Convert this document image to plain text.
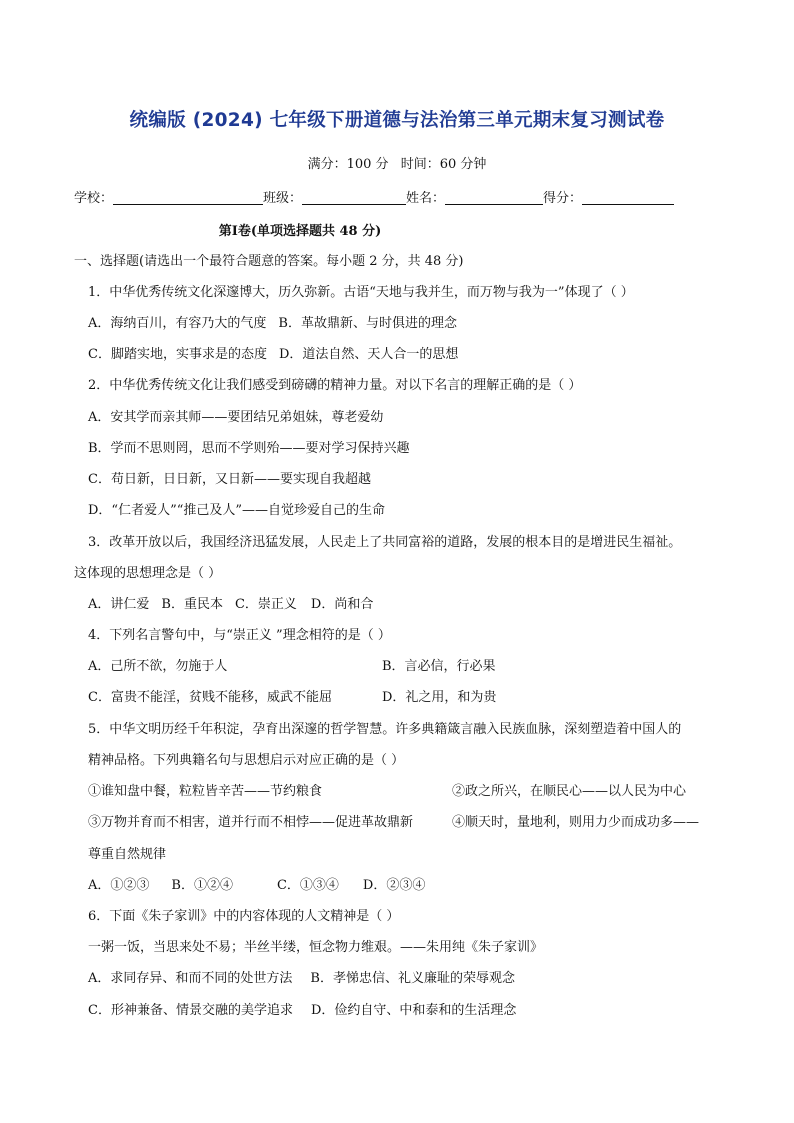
统编版 (2024) 七年级下册道德与法治第三单元期末复习测试卷
满分：100 分 时间：60 分钟
学校：	班级：	姓名：	得分：
第Ⅰ卷(单项选择题共 48 分)
一、选择题(请选出一个最符合题意的答案。每小题 2 分，共 48 分)
1．中华优秀传统文化深邃博大，历久弥新。古语“天地与我并生，而万物与我为一”体现了（ ）
A．海纳百川，有容乃大的气度 B．革故鼎新、与时俱进的理念
C．脚踏实地，实事求是的态度 D．道法自然、天人合一的思想
2．中华优秀传统文化让我们感受到磅礴的精神力量。对以下名言的理解正确的是（ ）
A．安其学而亲其师——要团结兄弟姐妹，尊老爱幼
B．学而不思则罔，思而不学则殆——要对学习保持兴趣
C．苟日新，日日新，又日新——要实现自我超越
D．“仁者爱人”“推己及人”——自觉珍爱自己的生命
3．改革开放以后，我国经济迅猛发展，人民走上了共同富裕的道路，发展的根本目的是增进民生福祉。
这体现的思想理念是（ ）
A．讲仁爱 B．重民本 C．崇正义 D．尚和合
4．下列名言警句中，与“崇正义 ”理念相符的是（ ）
A．己所不欲，勿施于人	B．言必信，行必果
C．富贵不能淫，贫贱不能移，威武不能屈	D．礼之用，和为贵
5．中华文明历经千年积淀，孕育出深邃的哲学智慧。许多典籍箴言融入民族血脉，深刻塑造着中国人的
精神品格。下列典籍名句与思想启示对应正确的是（ ）
①谁知盘中餐，粒粒皆辛苦——节约粮食	②政之所兴，在顺民心——以人民为中心
③万物并育而不相害，道并行而不相悖——促进革故鼎新	④顺天时，量地利，则用力少而成功多——
尊重自然规律
A．①②③ B．①②④	C．①③④ D．②③④
6．下面《朱子家训》中的内容体现的人文精神是（ ）
一粥一饭，当思来处不易；半丝半缕，恒念物力维艰。——朱用纯《朱子家训》
A．求同存异、和而不同的处世方法 B．孝悌忠信、礼义廉耻的荣辱观念
C．形神兼备、情景交融的美学追求 D．俭约自守、中和泰和的生活理念
